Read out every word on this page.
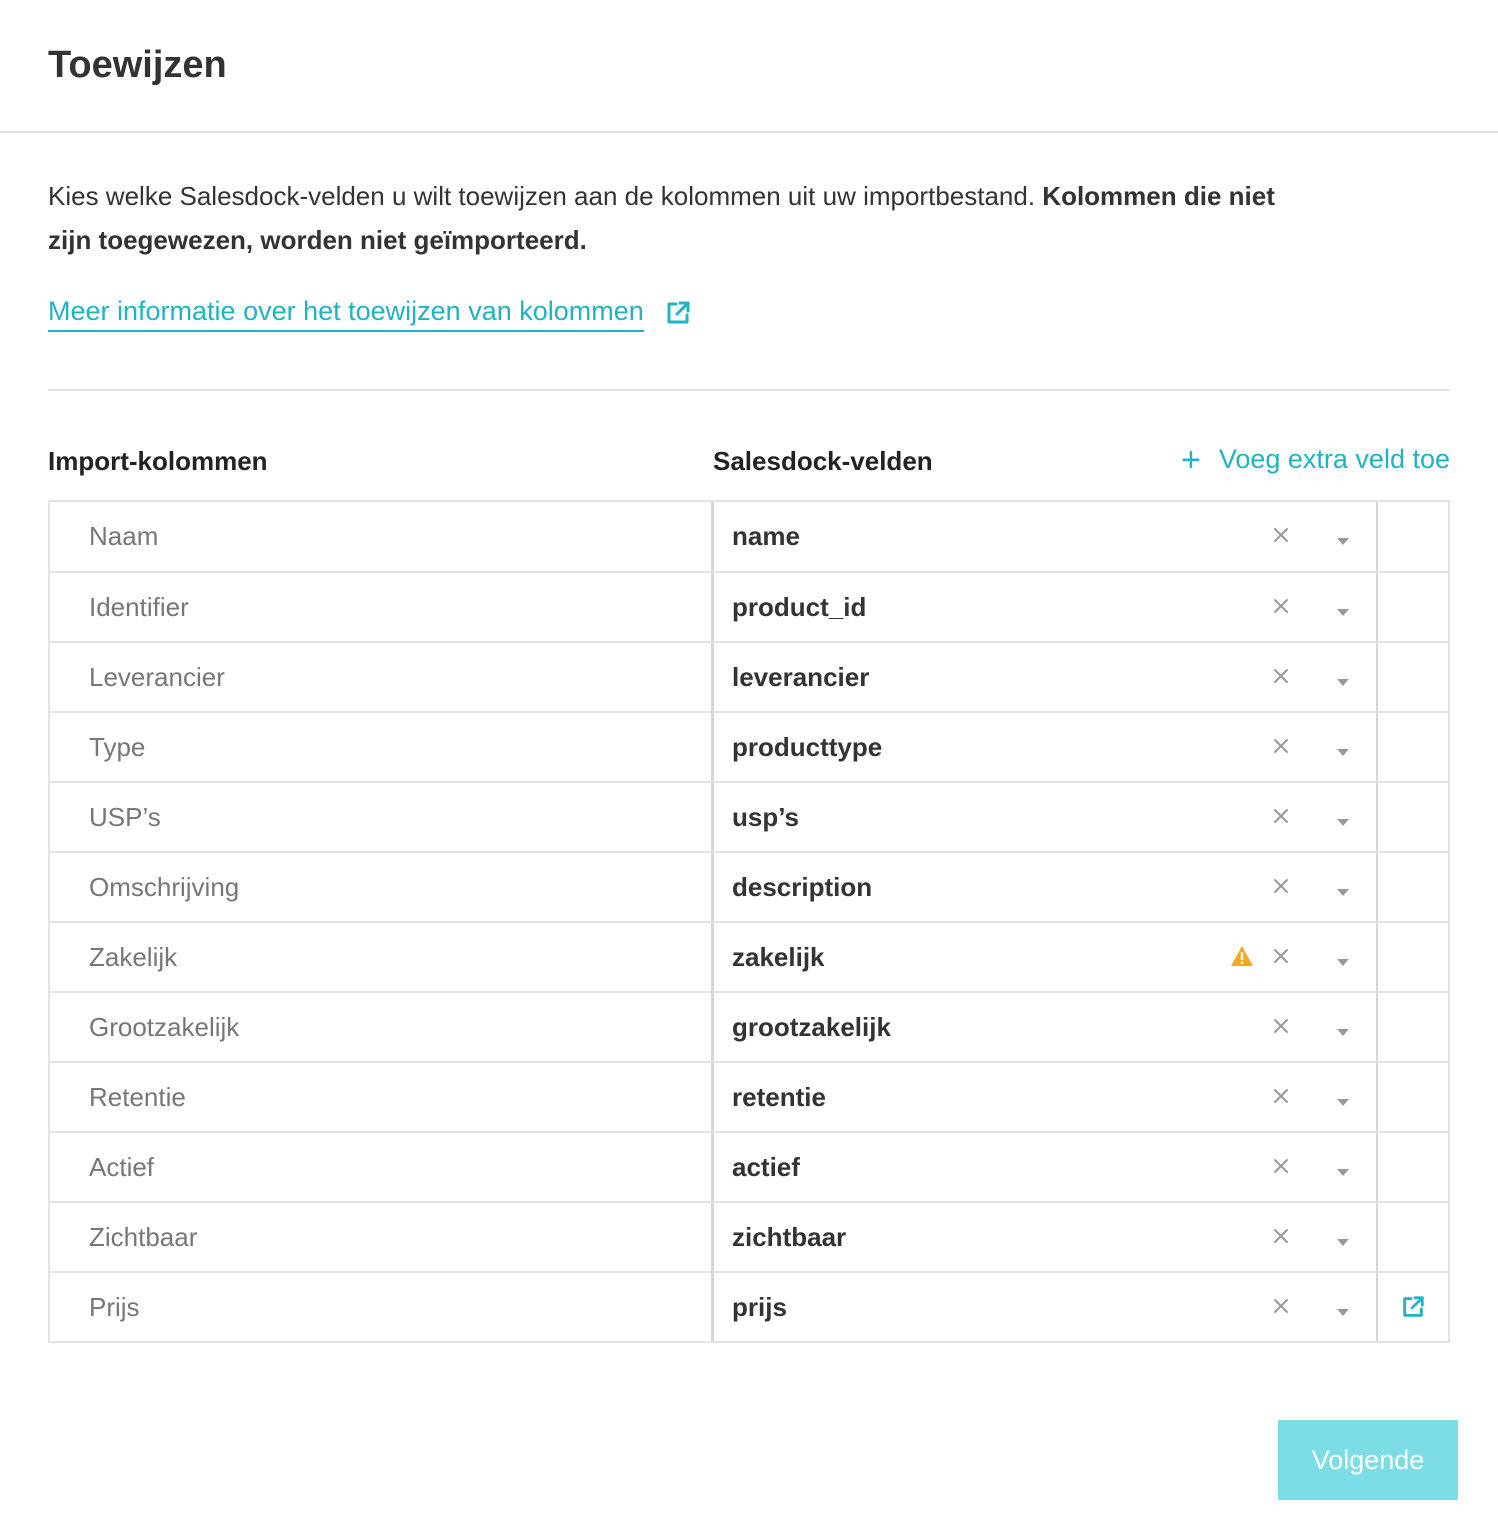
Toewijzen

Kies welke Salesdock-velden u wilt toewijzen aan de kolommen uit uw importbestand. Kolommen die niet zijn toegewezen, worden niet geïmporteerd.

Meer informatie over het toewijzen van kolommen
Import-kolommen	Salesdock-velden	+ Voeg extra veld toe
Naam	name
Identifier	product_id
Leverancier	leverancier
Type	producttype
USP’s	usp’s
Omschrijving	description
Zakelijk	zakelijk
Grootzakelijk	grootzakelijk
Retentie	retentie
Actief	actief
Zichtbaar	zichtbaar
Prijs	prijs
Volgende
